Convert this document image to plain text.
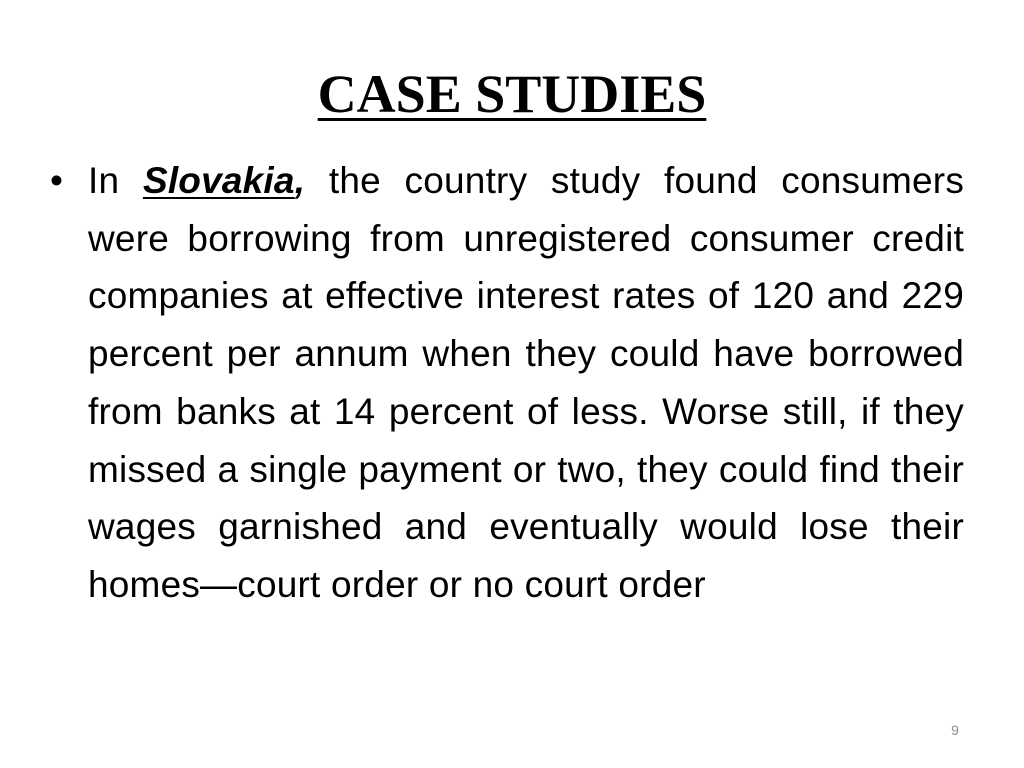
CASE STUDIES
• In Slovakia, the country study found consumers were borrowing from unregistered consumer credit companies at effective interest rates of 120 and 229 percent per annum when they could have borrowed from banks at 14 percent of less. Worse still, if they missed a single payment or two, they could find their wages garnished and eventually would lose their homes—court order or no court order
9
